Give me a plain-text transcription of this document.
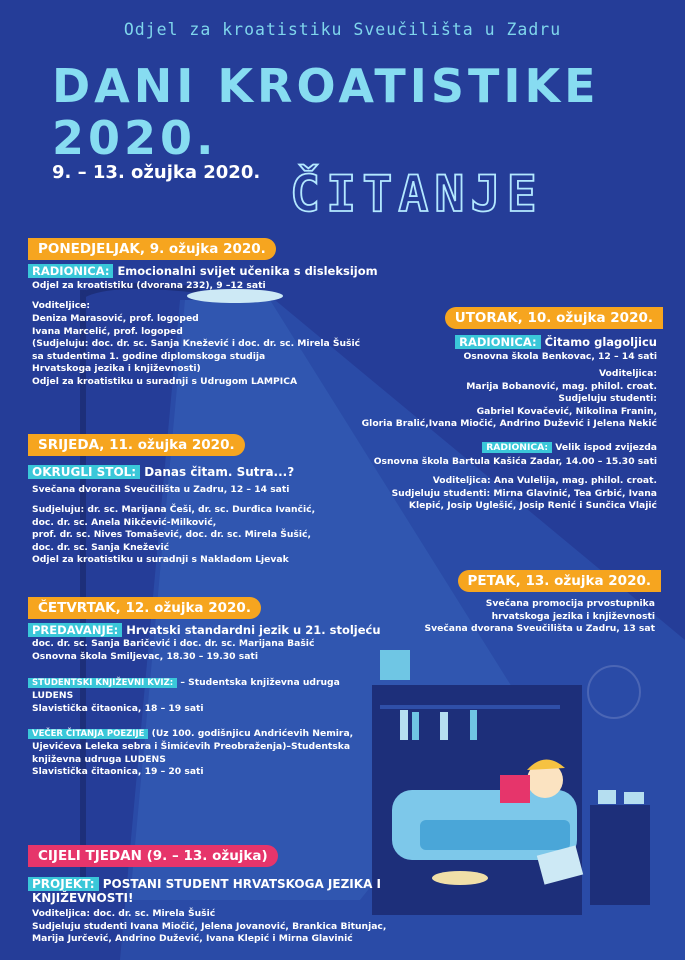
Odjel za kroatistiku Sveučilišta u Zadru
DANI KROATISTIKE
2020.
9. – 13. ožujka 2020. ČITANJE
PONEDJELJAK, 9. ožujka 2020.
RADIONICA: Emocionalni svijet učenika s disleksijom
Odjel za kroatistiku (dvorana 232), 9 –12 sati
Voditeljice:
Deniza Marasović, prof. logoped
Ivana Marcelić, prof. logoped
(Sudjeluju: doc. dr. sc. Sanja Knežević i doc. dr. sc. Mirela Šušić
sa studentima 1. godine diplomskoga studija
Hrvatskoga jezika i književnosti)
Odjel za kroatistiku u suradnji s Udrugom LAMPICA
UTORAK, 10. ožujka 2020.
RADIONICA: Čitamo glagoljicu
Osnovna škola Benkovac, 12 – 14 sati
Voditeljica:
Marija Bobanović, mag. philol. croat.
Sudjeluju studenti:
Gabriel Kovačević, Nikolina Franin,
Gloria Bralić,Ivana Miočić, Andrino Dužević i Jelena Nekić
RADIONICA: Velik ispod zvijezda
Osnovna škola Bartula Kašića Zadar, 14.00 – 15.30 sati
Voditeljica: Ana Vulelija, mag. philol. croat.
Sudjeluju studenti: Mirna Glavinić, Tea Grbić, Ivana
Klepić, Josip Uglešić, Josip Renić i Sunčica Vlajić
SRIJEDA, 11. ožujka 2020.
OKRUGLI STOL: Danas čitam. Sutra...?
Svečana dvorana Sveučilišta u Zadru, 12 – 14 sati
Sudjeluju: dr. sc. Marijana Češi, dr. sc. Durđica Ivančić,
doc. dr. sc. Anela Nikčević-Milković,
prof. dr. sc. Nives Tomašević, doc. dr. sc. Mirela Šušić,
doc. dr. sc. Sanja Knežević
Odjel za kroatistiku u suradnji s Nakladom Ljevak
PETAK, 13. ožujka 2020.
Svečana promocija prvostupnika
hrvatskoga jezika i književnosti
Svečana dvorana Sveučilišta u Zadru, 13 sat
ČETVRTAK, 12. ožujka 2020.
PREDAVANJE: Hrvatski standardni jezik u 21. stoljeću
doc. dr. sc. Sanja Baričević i doc. dr. sc. Marijana Bašić
Osnovna škola Smiljevac, 18.30 – 19.30 sati
STUDENTSKI KNJIŽEVNI KVIZ: – Studentska književna udruga
LUDENS
Slavistička čitaonica, 18 – 19 sati
VEČER ČITANJA POEZIJE (Uz 100. godišnjicu Andrićevih Nemira,
Ujevićeva Leleka sebra i Šimićevih Preobraženja)–Studentska
književna udruga LUDENS
Slavistička čitaonica, 19 – 20 sati
CIJELI TJEDAN (9. – 13. ožujka)
PROJEKT: POSTANI STUDENT HRVATSKOGA JEZIKA I
KNJIŽEVNOSTI!
Voditeljica: doc. dr. sc. Mirela Šušić
Sudjeluju studenti Ivana Miočić, Jelena Jovanović, Brankica Bitunjac,
Marija Jurčević, Andrino Dužević, Ivana Klepić i Mirna Glavinić
